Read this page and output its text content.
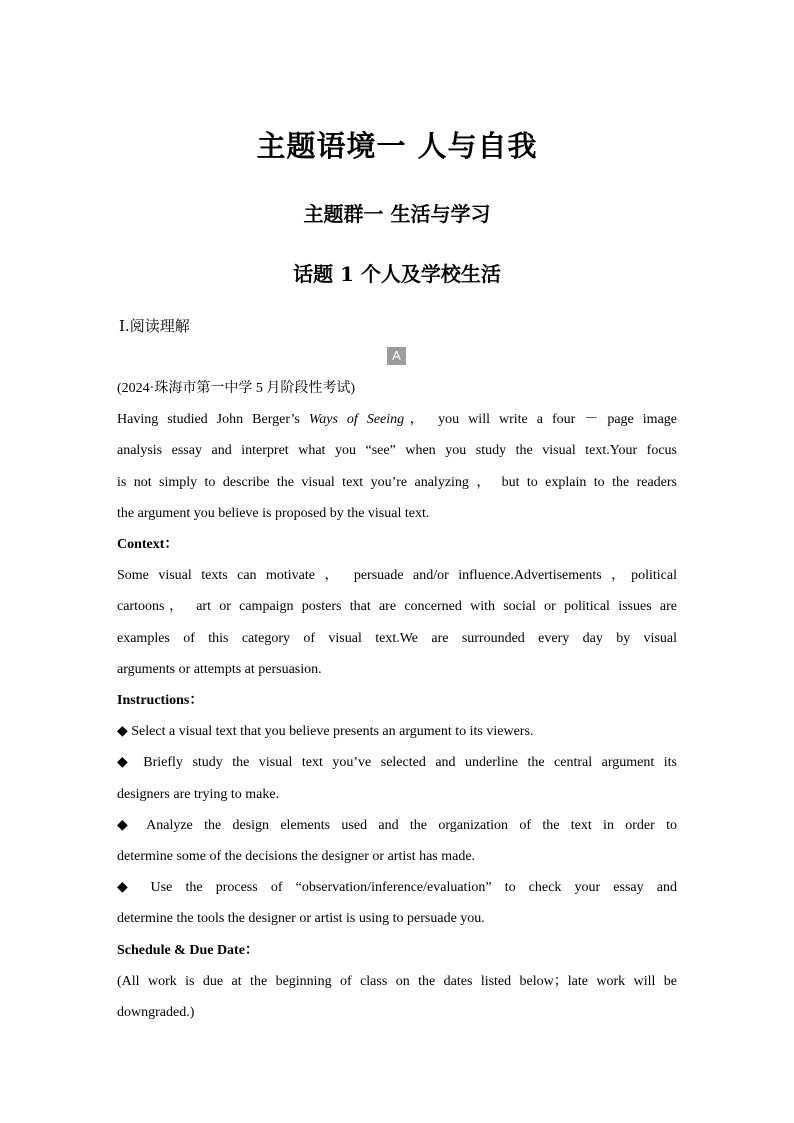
主题语境一 人与自我
主题群一 生活与学习
话题 1 个人及学校生活
Ⅰ.阅读理解
A

(2024·珠海市第一中学 5 月阶段性考试)

Having studied John Berger’s Ways of Seeing， you will write a four － page image

analysis essay and interpret what you “see” when you study the visual text.Your focus

is not simply to describe the visual text you’re analyzing ， but to explain to the readers

the argument you believe is proposed by the visual text.

Context：

Some visual texts can motivate ， persuade and/or influence.Advertisements ，political

cartoons， art or campaign posters that are concerned with social or political issues are

examples of this category of visual text.We are surrounded every day by visual

arguments or attempts at persuasion.

Instructions：

◆ Select a visual text that you believe presents an argument to its viewers.

◆ Briefly study the visual text you’ve selected and underline the central argument its

designers are trying to make.

◆ Analyze the design elements used and the organization of the text in order to

determine some of the decisions the designer or artist has made.

◆ Use the process of “observation/inference/evaluation” to check your essay and

determine the tools the designer or artist is using to persuade you.

Schedule & Due Date：

(All work is due at the beginning of class on the dates listed below；late work will be

downgraded.)
